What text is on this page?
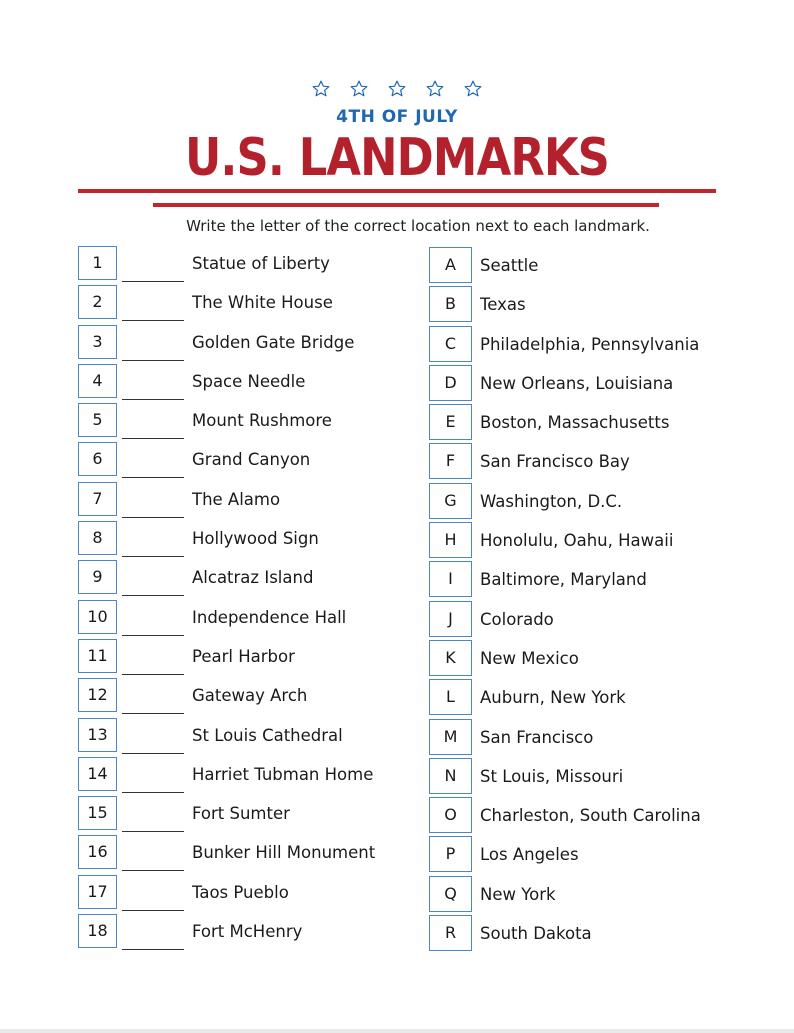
4TH OF JULY
U.S. LANDMARKS
Write the letter of the correct location next to each landmark.
1	Statue of Liberty
2	The White House
3	Golden Gate Bridge
4	Space Needle
5	Mount Rushmore
6	Grand Canyon
7	The Alamo
8	Hollywood Sign
9	Alcatraz Island
10	Independence Hall
11	Pearl Harbor
12	Gateway Arch
13	St Louis Cathedral
14	Harriet Tubman Home
15	Fort Sumter
16	Bunker Hill Monument
17	Taos Pueblo
18	Fort McHenry
A	Seattle
B	Texas
C	Philadelphia, Pennsylvania
D	New Orleans, Louisiana
E	Boston, Massachusetts
F	San Francisco Bay
G	Washington, D.C.
H	Honolulu, Oahu, Hawaii
I	Baltimore, Maryland
J	Colorado
K	New Mexico
L	Auburn, New York
M	San Francisco
N	St Louis, Missouri
O	Charleston, South Carolina
P	Los Angeles
Q	New York
R	South Dakota
